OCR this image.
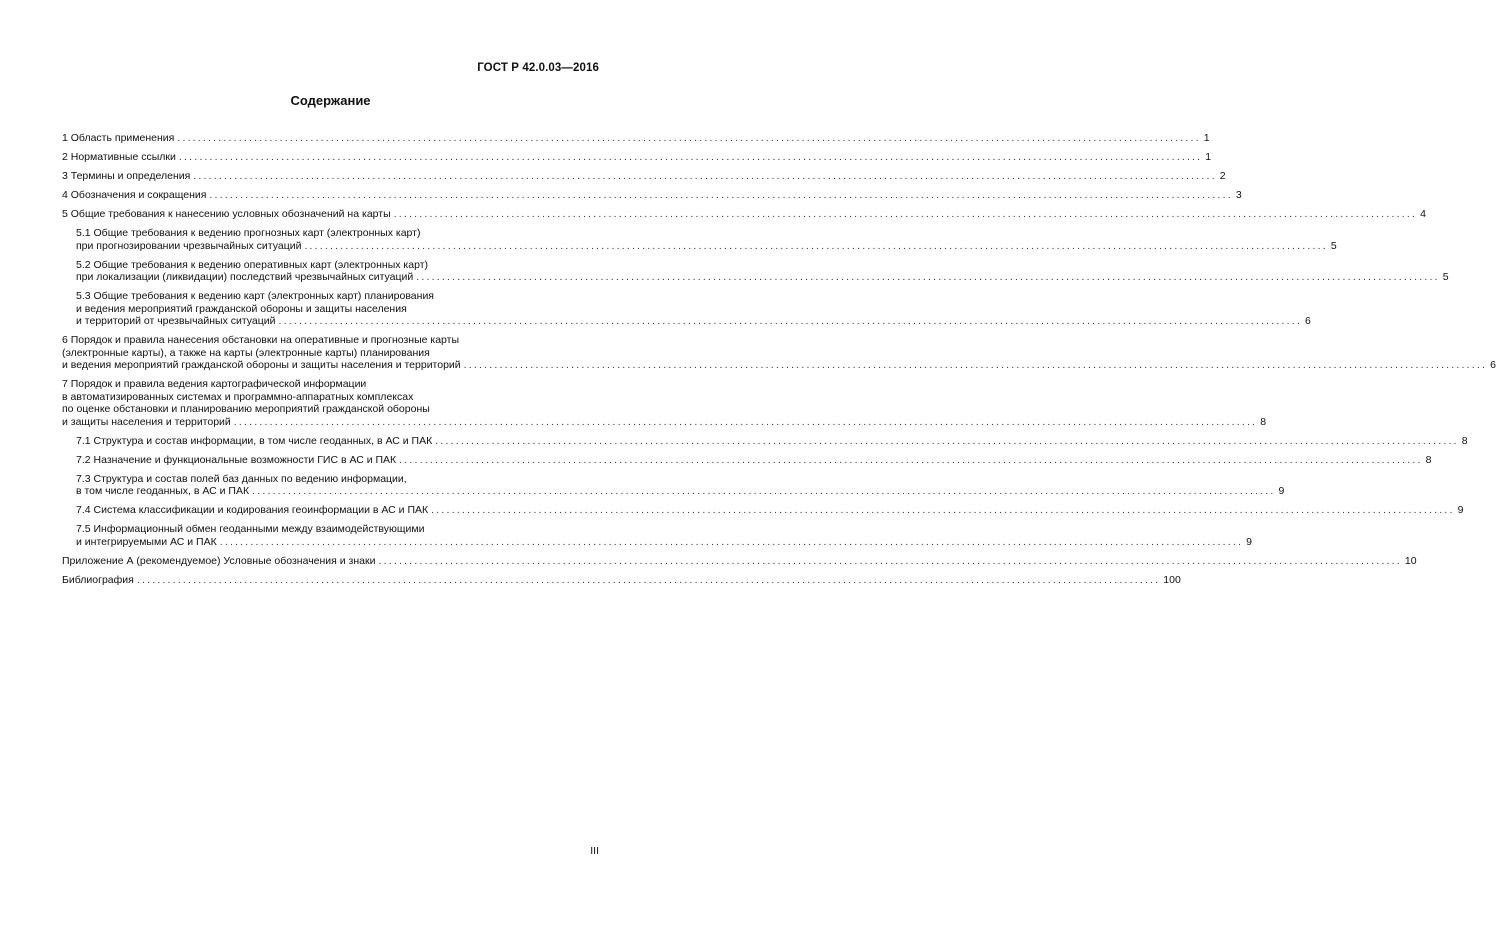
ГОСТ Р 42.0.03—2016
Содержание
1 Область применения ........................................................................................................................................................................................................ 1
2 Нормативные ссылки ........................................................................................................................................................................................................ 1
3 Термины и определения ........................................................................................................................................................................................................ 2
4 Обозначения и сокращения ........................................................................................................................................................................................................ 3
5 Общие требования к нанесению условных обозначений на карты ........................................................................................................................................................................................................ 4
5.1 Общие требования к ведению прогнозных карт (электронных карт)
при прогнозировании чрезвычайных ситуаций ........................................................................................................................................................................................................ 5
5.2 Общие требования к ведению оперативных карт (электронных карт)
при локализации (ликвидации) последствий чрезвычайных ситуаций ........................................................................................................................................................................................................ 5
5.3 Общие требования к ведению карт (электронных карт) планирования
и ведения мероприятий гражданской обороны и защиты населения
и территорий от чрезвычайных ситуаций ........................................................................................................................................................................................................ 6
6 Порядок и правила нанесения обстановки на оперативные и прогнозные карты
(электронные карты), а также на карты (электронные карты) планирования
и ведения мероприятий гражданской обороны и защиты населения и территорий ........................................................................................................................................................................................................ 6
7 Порядок и правила ведения картографической информации
в автоматизированных системах и программно-аппаратных комплексах
по оценке обстановки и планированию мероприятий гражданской обороны
и защиты населения и территорий ........................................................................................................................................................................................................ 8
7.1 Структура и состав информации, в том числе геоданных, в АС и ПАК ........................................................................................................................................................................................................ 8
7.2 Назначение и функциональные возможности ГИС в АС и ПАК ........................................................................................................................................................................................................ 8
7.3 Структура и состав полей баз данных по ведению информации,
в том числе геоданных, в АС и ПАК ........................................................................................................................................................................................................ 9
7.4 Система классификации и кодирования геоинформации в АС и ПАК ........................................................................................................................................................................................................ 9
7.5 Информационный обмен геоданными между взаимодействующими
и интегрируемыми АС и ПАК ........................................................................................................................................................................................................ 9
Приложение А (рекомендуемое) Условные обозначения и знаки ........................................................................................................................................................................................................ 10
Библиография ........................................................................................................................................................................................................ 100
III
